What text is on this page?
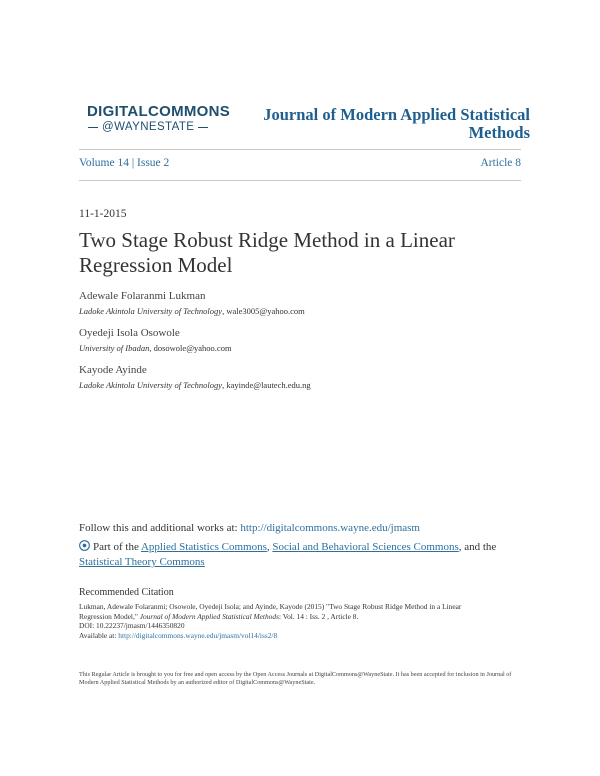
DIGITALCOMMONS
@WAYNESTATE
Journal of Modern Applied Statistical Methods
Volume 14 | Issue 2	Article 8
11-1-2015
Two Stage Robust Ridge Method in a Linear Regression Model
Adewale Folaranmi Lukman
Ladoke Akintola University of Technology, wale3005@yahoo.com
Oyedeji Isola Osowole
University of Ibadan, dosowole@yahoo.com
Kayode Ayinde
Ladoke Akintola University of Technology, kayinde@lautech.edu.ng
Follow this and additional works at: http://digitalcommons.wayne.edu/jmasm
Part of the Applied Statistics Commons, Social and Behavioral Sciences Commons, and the
Statistical Theory Commons
Recommended Citation
Lukman, Adewale Folaranmi; Osowole, Oyedeji Isola; and Ayinde, Kayode (2015) "Two Stage Robust Ridge Method in a Linear
Regression Model," Journal of Modern Applied Statistical Methods: Vol. 14 : Iss. 2 , Article 8.
DOI: 10.22237/jmasm/1446350820
Available at: http://digitalcommons.wayne.edu/jmasm/vol14/iss2/8
This Regular Article is brought to you for free and open access by the Open Access Journals at DigitalCommons@WayneState. It has been accepted for inclusion in Journal of Modern Applied Statistical Methods by an authorized editor of DigitalCommons@WayneState.
